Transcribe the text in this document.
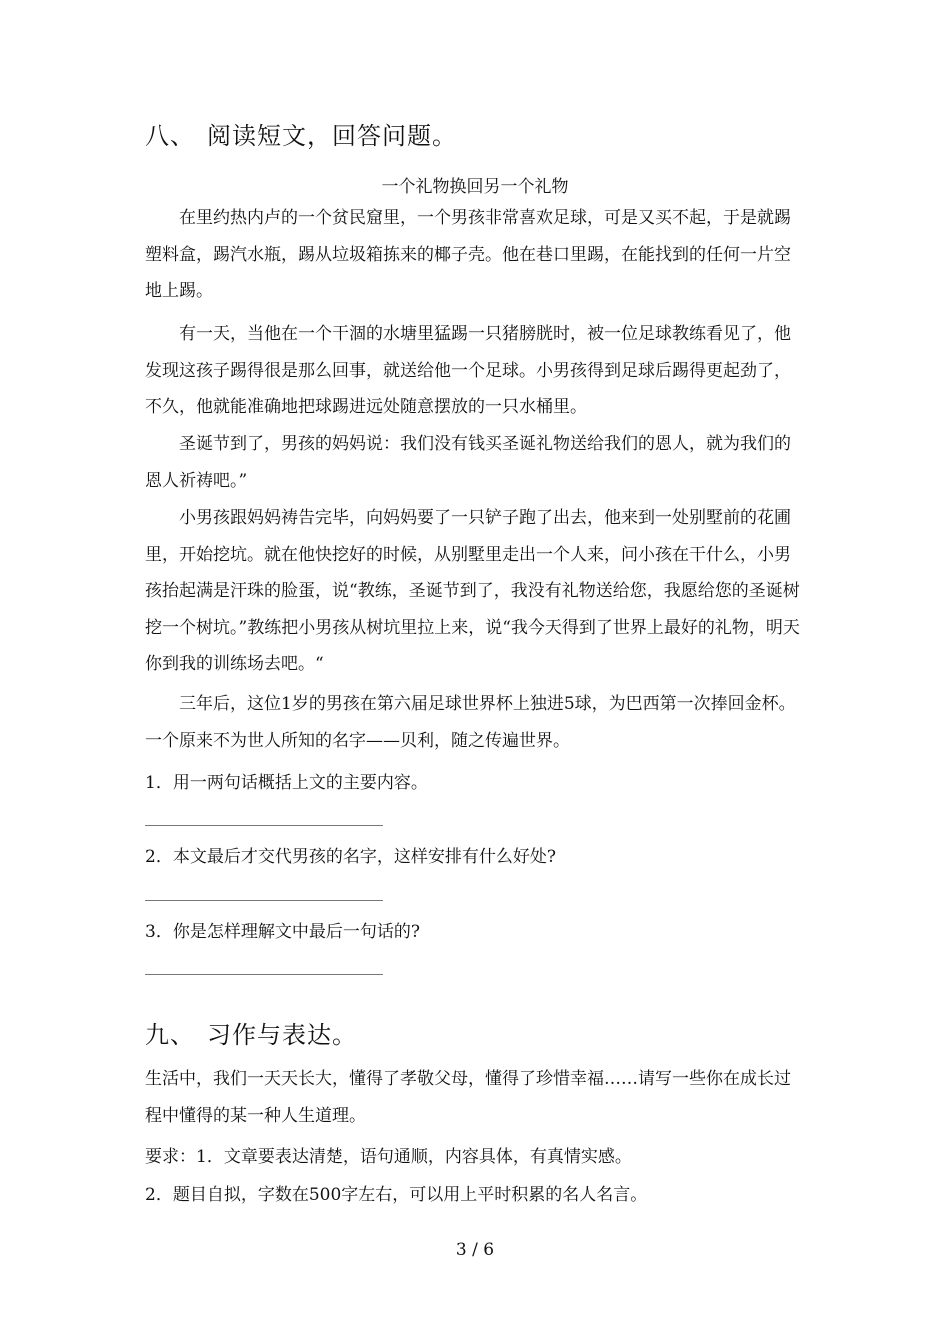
八、 阅读短文，回答问题。
一个礼物换回另一个礼物

在里约热内卢的一个贫民窟里，一个男孩非常喜欢足球，可是又买不起，于是就踢塑料盒，踢汽水瓶，踢从垃圾箱拣来的椰子壳。他在巷口里踢，在能找到的任何一片空地上踢。

有一天，当他在一个干涸的水塘里猛踢一只猪膀胱时，被一位足球教练看见了，他发现这孩子踢得很是那么回事，就送给他一个足球。小男孩得到足球后踢得更起劲了，不久，他就能准确地把球踢进远处随意摆放的一只水桶里。

圣诞节到了，男孩的妈妈说：我们没有钱买圣诞礼物送给我们的恩人，就为我们的恩人祈祷吧。”

小男孩跟妈妈祷告完毕，向妈妈要了一只铲子跑了出去，他来到一处别墅前的花圃里，开始挖坑。就在他快挖好的时候，从别墅里走出一个人来，问小孩在干什么，小男孩抬起满是汗珠的脸蛋，说“教练，圣诞节到了，我没有礼物送给您，我愿给您的圣诞树挖一个树坑。”教练把小男孩从树坑里拉上来，说“我今天得到了世界上最好的礼物，明天你到我的训练场去吧。“

三年后，这位1岁的男孩在第六届足球世界杯上独进5球，为巴西第一次捧回金杯。一个原来不为世人所知的名字——贝利，随之传遍世界。

1．用一两句话概括上文的主要内容。
2．本文最后才交代男孩的名字，这样安排有什么好处?
3．你是怎样理解文中最后一句话的?
九、 习作与表达。

生活中，我们一天天长大，懂得了孝敬父母，懂得了珍惜幸福……请写一些你在成长过程中懂得的某一种人生道理。

要求：1．文章要表达清楚，语句通顺，内容具体，有真情实感。
2．题目自拟，字数在500字左右，可以用上平时积累的名人名言。
3 / 6
